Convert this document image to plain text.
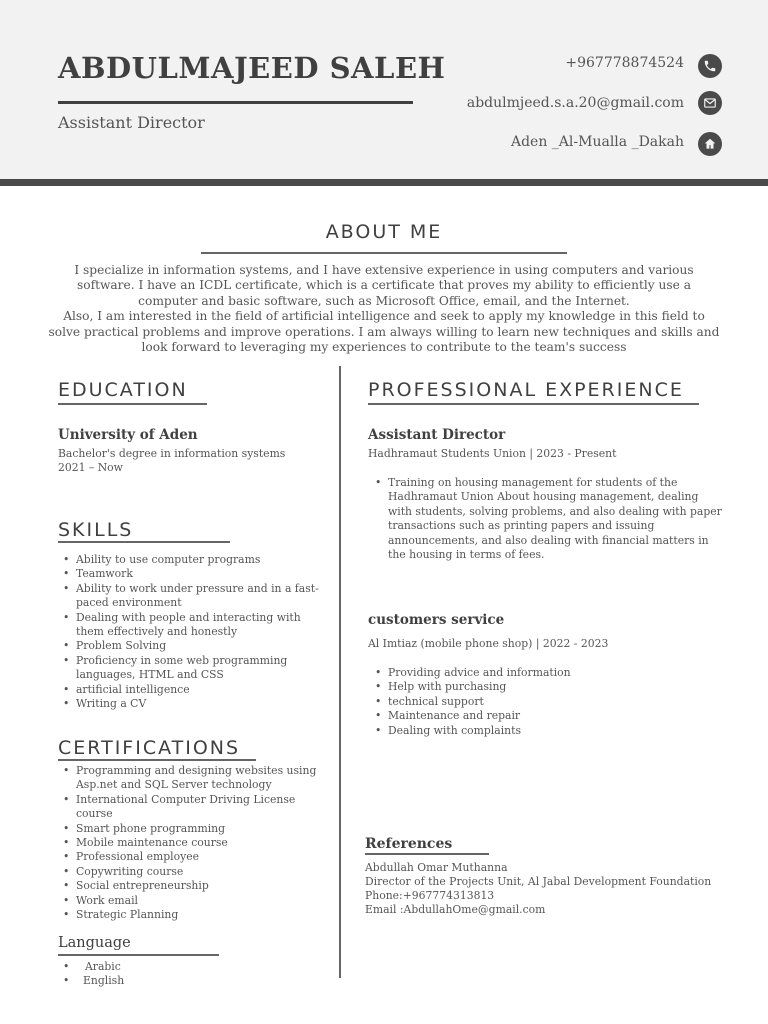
ABDULMAJEED SALEH
Assistant Director
+967778874524
abdulmjeed.s.a.20@gmail.com
Aden _Al-Mualla _Dakah
ABOUT ME

I specialize in information systems, and I have extensive experience in using computers and various software. I have an ICDL certificate, which is a certificate that proves my ability to efficiently use a computer and basic software, such as Microsoft Office, email, and the Internet.

Also, I am interested in the field of artificial intelligence and seek to apply my knowledge in this field to solve practical problems and improve operations. I am always willing to learn new techniques and skills and look forward to leveraging my experiences to contribute to the team's success

EDUCATION
University of Aden
Bachelor's degree in information systems
2021 – Now
SKILLS
• Ability to use computer programs
• Teamwork
• Ability to work under pressure and in a fast-paced environment
• Dealing with people and interacting with them effectively and honestly
• Problem Solving
• Proficiency in some web programming languages, HTML and CSS
• artificial intelligence
• Writing a CV
CERTIFICATIONS
• Programming and designing websites using Asp.net and SQL Server technology
• International Computer Driving License course
• Smart phone programming
• Mobile maintenance course
• Professional employee
• Copywriting course
• Social entrepreneurship
• Work email
• Strategic Planning
Language
• Arabic
• English
PROFESSIONAL EXPERIENCE
Assistant Director
Hadhramaut Students Union | 2023 - Present
• Training on housing management for students of the Hadhramaut Union About housing management, dealing with students, solving problems, and also dealing with paper transactions such as printing papers and issuing announcements, and also dealing with financial matters in the housing in terms of fees.
customers service
Al Imtiaz (mobile phone shop) | 2022 - 2023
• Providing advice and information
• Help with purchasing
• technical support
• Maintenance and repair
• Dealing with complaints
References
Abdullah Omar Muthanna
Director of the Projects Unit, Al Jabal Development Foundation
Phone:+967774313813
Email :AbdullahOme@gmail.com
